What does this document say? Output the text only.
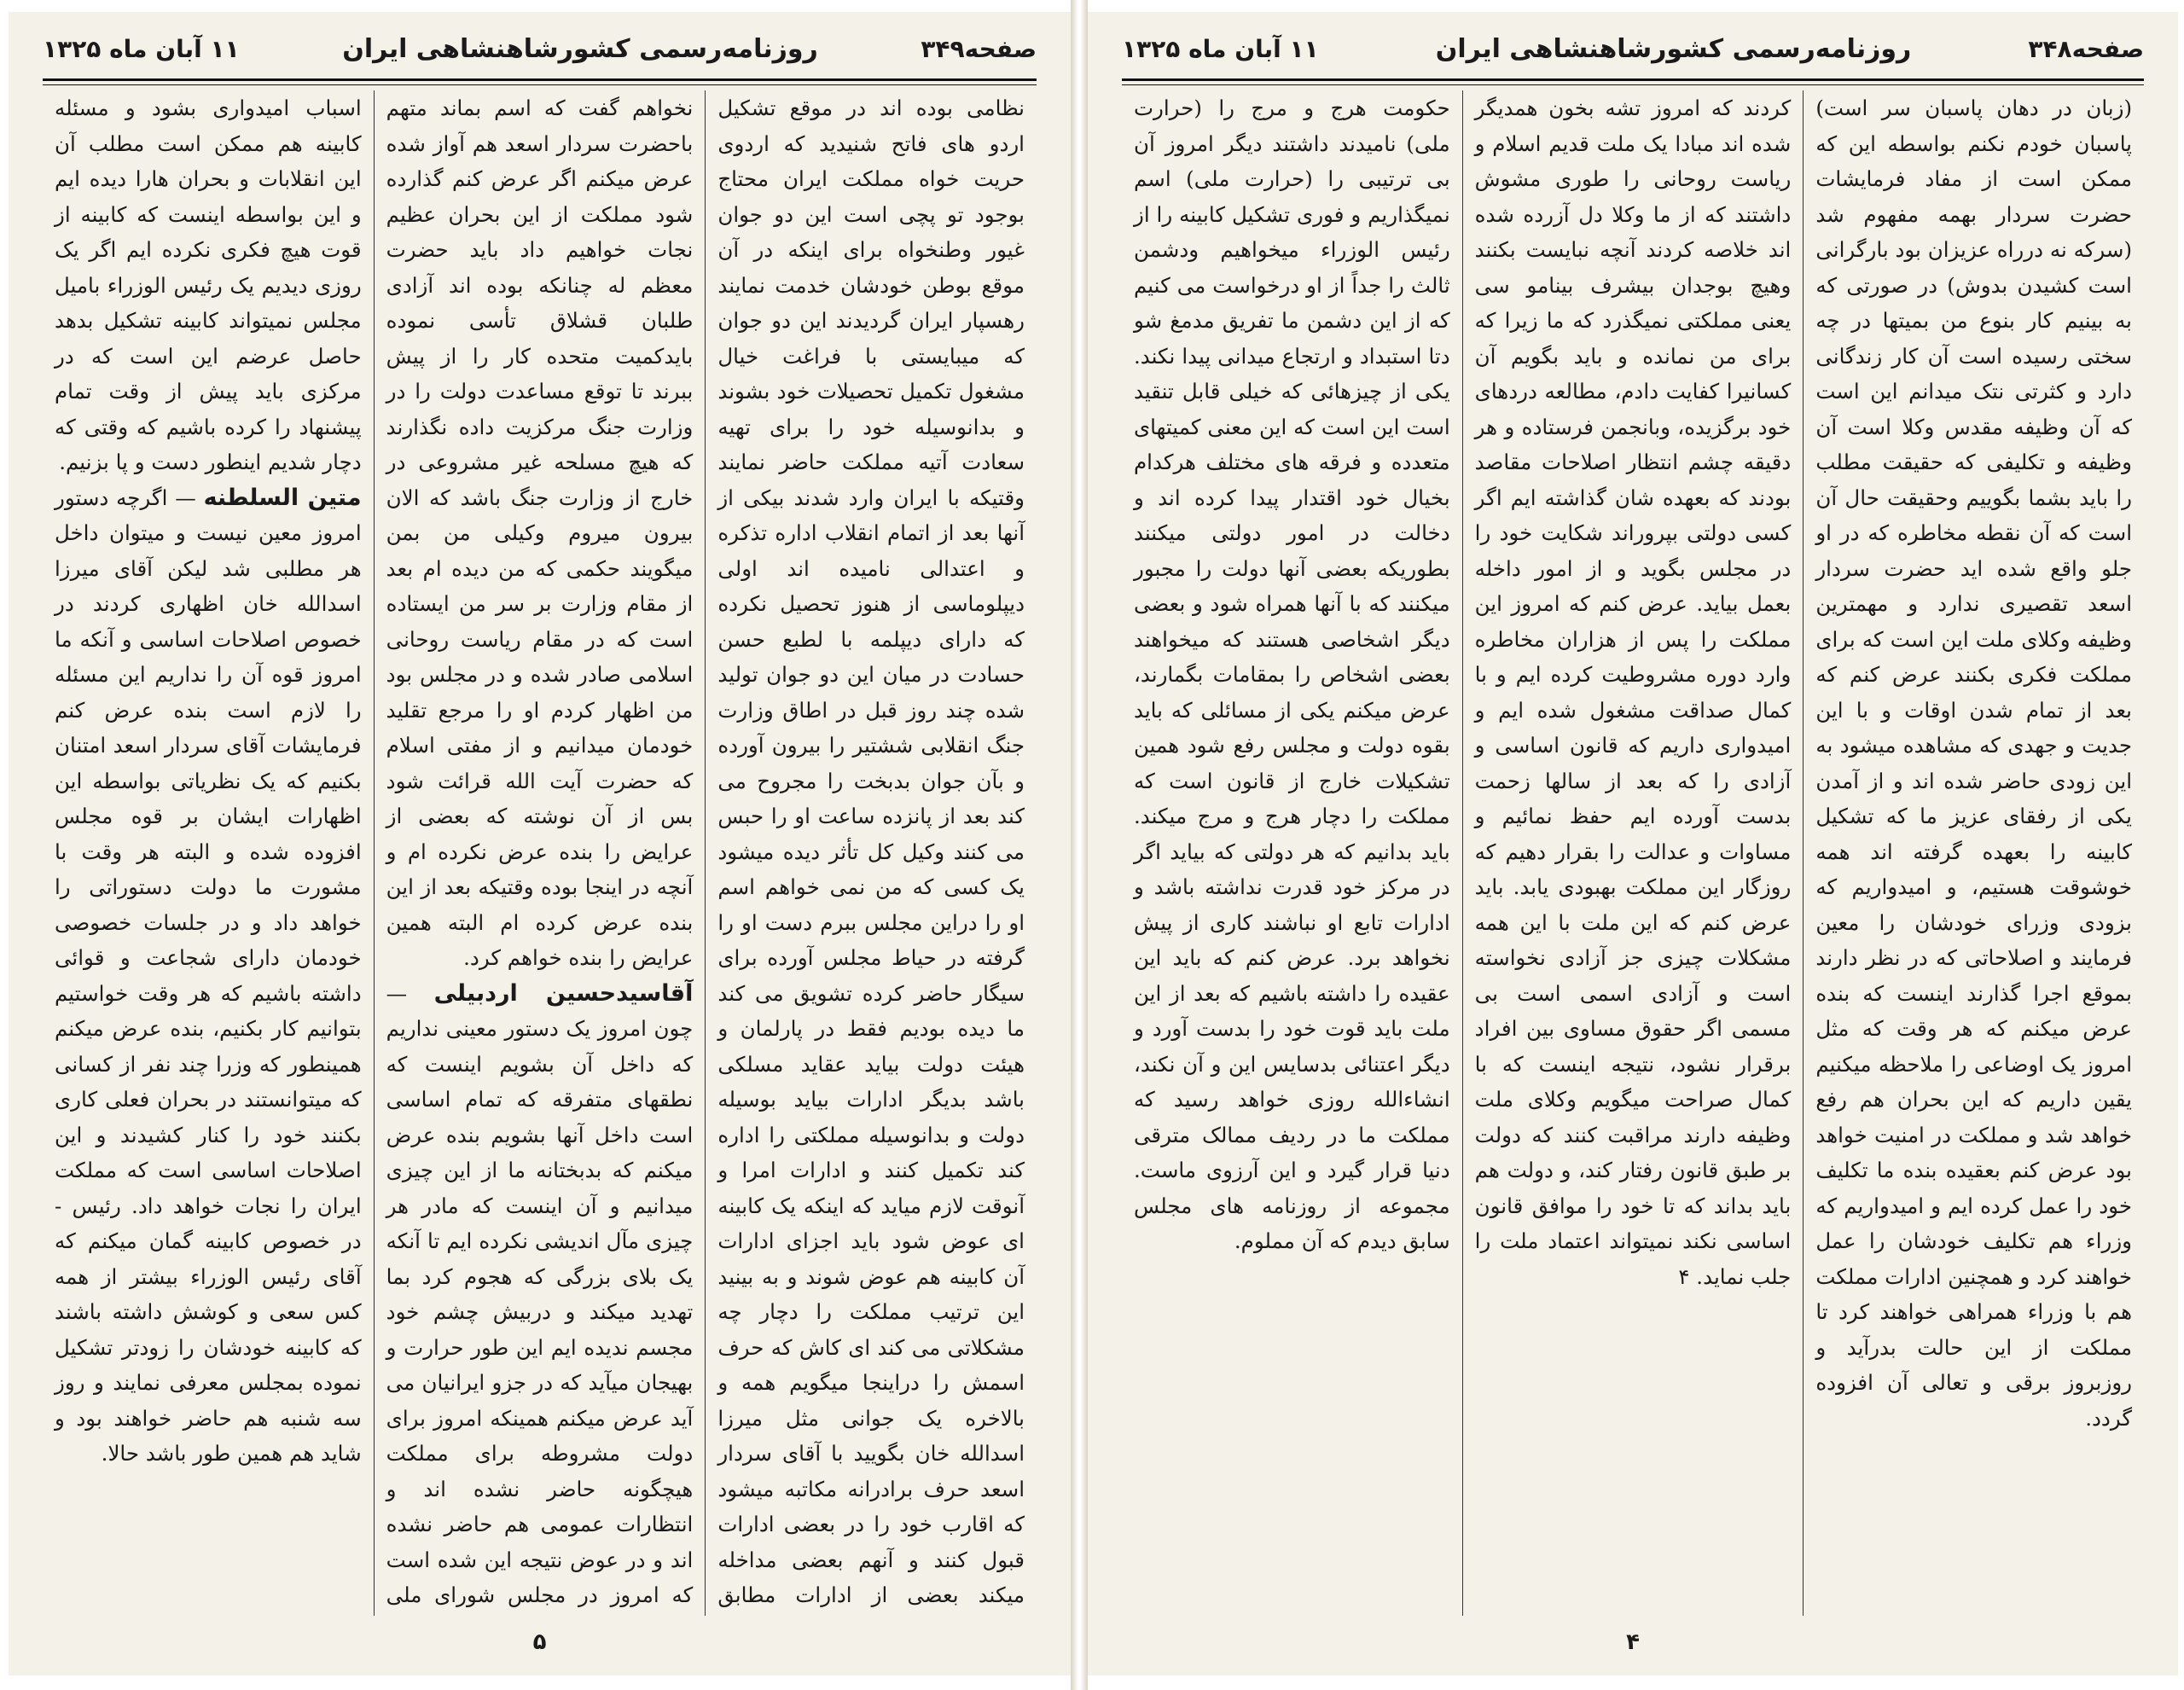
صفحه۳۴۹
روزنامه‌رسمی کشورشاهنشاهی ایران
۱۱ آبان ماه ۱۳۲۵

نظامی بوده اند در موقع تشکیل اردو های فاتح شنیدید که اردوی حریت خواه مملکت ایران محتاج بوجود تو پچی است این دو جوان غیور وطنخواه برای اینکه در آن موقع بوطن خودشان خدمت نمایند رهسپار ایران گردیدند این دو جوان که میبایستی با فراغت خیال مشغول تکمیل تحصیلات خود بشوند و بدانوسیله خود را برای تهیه سعادت آتیه مملکت حاضر نمایند وقتیکه با ایران وارد شدند بیکی از آنها بعد از اتمام انقلاب اداره تذکره و اعتدالی نامیده اند اولی دیپلوماسی از هنوز تحصیل نکرده که دارای دیپلمه با لطبع حسن حسادت در میان این دو جوان تولید شده چند روز قبل در اطاق وزارت جنگ انقلابی ششتیر را بیرون آورده و بآن جوان بدبخت را مجروح می کند بعد از پانزده ساعت او را حبس می کنند وکیل کل تأثر دیده میشود یک کسی که من نمی خواهم اسم او را دراین مجلس ببرم دست او را گرفته در حیاط مجلس آورده برای سیگار حاضر کرده تشویق می کند ما دیده بودیم فقط در پارلمان و هیئت دولت بیاید عقاید مسلکی باشد بدیگر ادارات بیاید بوسیله دولت و بدانوسیله مملکتی را اداره کند تکمیل کنند و ادارات امرا و آنوقت لازم میاید که اینکه یک کابینه ای عوض شود باید اجزای ادارات آن کابینه هم عوض شوند و به بینید این ترتیب مملکت را دچار چه مشکلاتی می کند ای کاش که حرف اسمش را دراینجا میگویم همه و بالاخره یک جوانی مثل میرزا اسدالله خان بگویید با آقای سردار اسعد حرف برادرانه مکاتبه میشود که اقارب خود را در بعضی ادارات قبول کنند و آنهم بعضی مداخله میکند بعضی از ادارات مطابق

نخواهم گفت که اسم بماند متهم باحضرت سردار اسعد هم آواز شده عرض میکنم اگر عرض کنم گذارده شود مملکت از این بحران عظیم نجات خواهیم داد باید حضرت معظم له چنانکه بوده اند آزادی طلبان قشلاق تأسی نموده بایدکمیت متحده کار را از پیش ببرند تا توقع مساعدت دولت را در وزارت جنگ مرکزیت داده نگذارند که هیچ مسلحه غیر مشروعی در خارج از وزارت جنگ باشد که الان بیرون میروم وکیلی من بمن میگویند حکمی که من دیده ام بعد از مقام وزارت بر سر من ایستاده است که در مقام ریاست روحانی اسلامی صادر شده و در مجلس بود من اظهار کردم او را مرجع تقلید خودمان میدانیم و از مفتی اسلام که حضرت آیت الله قرائت شود بس از آن نوشته که بعضی از عرایض را بنده عرض نکرده ام و آنچه در اینجا بوده وقتیکه بعد از این بنده عرض کرده ام البته همین عرایض را بنده خواهم کرد.

آقاسیدحسین اردبیلی — چون امروز یک دستور معینی نداریم که داخل آن بشویم اینست که نطقهای متفرقه که تمام اساسی است داخل آنها بشویم بنده عرض میکنم که بدبختانه ما از این چیزی میدانیم و آن اینست که مادر هر چیزی مآل اندیشی نکرده ایم تا آنکه یک بلای بزرگی که هجوم کرد بما تهدید میکند و دربیش چشم خود مجسم ندیده ایم این طور حرارت و بهیجان میآید که در جزو ایرانیان می آید عرض میکنم همینکه امروز برای دولت مشروطه برای مملکت هیچگونه حاضر نشده اند و انتظارات عمومی هم حاضر نشده اند و در عوض نتیجه این شده است که امروز در مجلس شورای ملی

اسباب امیدواری بشود و مسئله کابینه هم ممکن است مطلب آن این انقلابات و بحران هارا دیده ایم و این بواسطه اینست که کابینه از قوت هیچ فکری نکرده ایم اگر یک روزی دیدیم یک رئیس الوزراء بامیل مجلس نمیتواند کابینه تشکیل بدهد حاصل عرضم این است که در مرکزی باید پیش از وقت تمام پیشنهاد را کرده باشیم که وقتی که دچار شدیم اینطور دست و پا بزنیم.

متین السلطنه — اگرچه دستور امروز معین نیست و میتوان داخل هر مطلبی شد لیکن آقای میرزا اسدالله خان اظهاری کردند در خصوص اصلاحات اساسی و آنکه ما امروز قوه آن را نداریم این مسئله را لازم است بنده عرض کنم فرمایشات آقای سردار اسعد امتنان بکنیم که یک نظریاتی بواسطه این اظهارات ایشان بر قوه مجلس افزوده شده و البته هر وقت با مشورت ما دولت دستوراتی را خواهد داد و در جلسات خصوصی خودمان دارای شجاعت و قوائی داشته باشیم که هر وقت خواستیم بتوانیم کار بکنیم، بنده عرض میکنم همینطور که وزرا چند نفر از کسانی که میتوانستند در بحران فعلی کاری بکنند خود را کنار کشیدند و این اصلاحات اساسی است که مملکت ایران را نجات خواهد داد. رئیس - در خصوص کابینه گمان میکنم که آقای رئیس الوزراء بیشتر از همه کس سعی و کوشش داشته باشند که کابینه خودشان را زودتر تشکیل نموده بمجلس معرفی نمایند و روز سه شنبه هم حاضر خواهند بود و شاید هم همین طور باشد حالا.

۵
صفحه۳۴۸
روزنامه‌رسمی کشورشاهنشاهی ایران
۱۱ آبان ماه ۱۳۲۵

(زبان در دهان پاسبان سر است) پاسبان خودم نکنم بواسطه این که ممکن است از مفاد فرمایشات حضرت سردار بهمه مفهوم شد (سرکه نه درراه عزیزان بود بارگرانی است کشیدن بدوش) در صورتی که به بینیم کار بنوع من بمیتها در چه سختی رسیده است آن کار زندگانی دارد و کثرتی نتک میدانم این است که آن وظیفه مقدس وکلا است آن وظیفه و تکلیفی که حقیقت مطلب را باید بشما بگوییم وحقیقت حال آن است که آن نقطه مخاطره که در او جلو واقع شده اید حضرت سردار اسعد تقصیری ندارد و مهمترین وظیفه وکلای ملت این است که برای مملکت فکری بکنند عرض کنم که بعد از تمام شدن اوقات و با این جدیت و جهدی که مشاهده میشود به این زودی حاضر شده اند و از آمدن یکی از رفقای عزیز ما که تشکیل کابینه را بعهده گرفته اند همه خوشوقت هستیم، و امیدواریم که بزودی وزرای خودشان را معین فرمایند و اصلاحاتی که در نظر دارند بموقع اجرا گذارند اینست که بنده عرض میکنم که هر وقت که مثل امروز یک اوضاعی را ملاحظه میکنیم یقین داریم که این بحران هم رفع خواهد شد و مملکت در امنیت خواهد بود عرض کنم بعقیده بنده ما تکلیف خود را عمل کرده ایم و امیدواریم که وزراء هم تکلیف خودشان را عمل خواهند کرد و همچنین ادارات مملکت هم با وزراء همراهی خواهند کرد تا مملکت از این حالت بدرآید و روزبروز برقی و تعالی آن افزوده گردد.

کردند که امروز تشه بخون همدیگر شده اند مبادا یک ملت قدیم اسلام و ریاست روحانی را طوری مشوش داشتند که از ما وکلا دل آزرده شده اند خلاصه کردند آنچه نبایست بکنند وهیچ بوجدان بیشرف بینامو سی یعنی مملکتی نمیگذرد که ما زیرا که برای من نمانده و باید بگویم آن کسانیرا کفایت دادم، مطالعه دردهای خود برگزیده، وبانجمن فرستاده و هر دقیقه چشم انتظار اصلاحات مقاصد بودند که بعهده شان گذاشته ایم اگر کسی دولتی بپروراند شکایت خود را در مجلس بگوید و از امور داخله بعمل بیاید. عرض کنم که امروز این مملکت را پس از هزاران مخاطره وارد دوره مشروطیت کرده ایم و با کمال صداقت مشغول شده ایم و امیدواری داریم که قانون اساسی و آزادی را که بعد از سالها زحمت بدست آورده ایم حفظ نمائیم و مساوات و عدالت را بقرار دهیم که روزگار این مملکت بهبودی یابد. باید عرض کنم که این ملت با این همه مشکلات چیزی جز آزادی نخواسته است و آزادی اسمی است بی مسمی اگر حقوق مساوی بین افراد برقرار نشود، نتیجه اینست که با کمال صراحت میگویم وکلای ملت وظیفه دارند مراقبت کنند که دولت بر طبق قانون رفتار کند، و دولت هم باید بداند که تا خود را موافق قانون اساسی نکند نمیتواند اعتماد ملت را جلب نماید. ۴

حکومت هرج و مرج را (حرارت ملی) نامیدند داشتند دیگر امروز آن بی ترتیبی را (حرارت ملی) اسم نمیگذاریم و فوری تشکیل کابینه را از رئیس الوزراء میخواهیم ودشمن ثالث را جداً از او درخواست می کنیم که از این دشمن ما تفریق مدمغ شو دتا استبداد و ارتجاع میدانی پیدا نکند. یکی از چیزهائی که خیلی قابل تنقید است این است که این معنی کمیتهای متعدده و فرقه های مختلف هرکدام بخیال خود اقتدار پیدا کرده اند و دخالت در امور دولتی میکنند بطوریکه بعضی آنها دولت را مجبور میکنند که با آنها همراه شود و بعضی دیگر اشخاصی هستند که میخواهند بعضی اشخاص را بمقامات بگمارند، عرض میکنم یکی از مسائلی که باید بقوه دولت و مجلس رفع شود همین تشکیلات خارج از قانون است که مملکت را دچار هرج و مرج میکند. باید بدانیم که هر دولتی که بیاید اگر در مرکز خود قدرت نداشته باشد و ادارات تابع او نباشند کاری از پیش نخواهد برد. عرض کنم که باید این عقیده را داشته باشیم که بعد از این ملت باید قوت خود را بدست آورد و دیگر اعتنائی بدسایس این و آن نکند، انشاءالله روزی خواهد رسید که مملکت ما در ردیف ممالک مترقی دنیا قرار گیرد و این آرزوی ماست. مجموعه از روزنامه های مجلس سابق دیدم که آن مملوم.

۴
